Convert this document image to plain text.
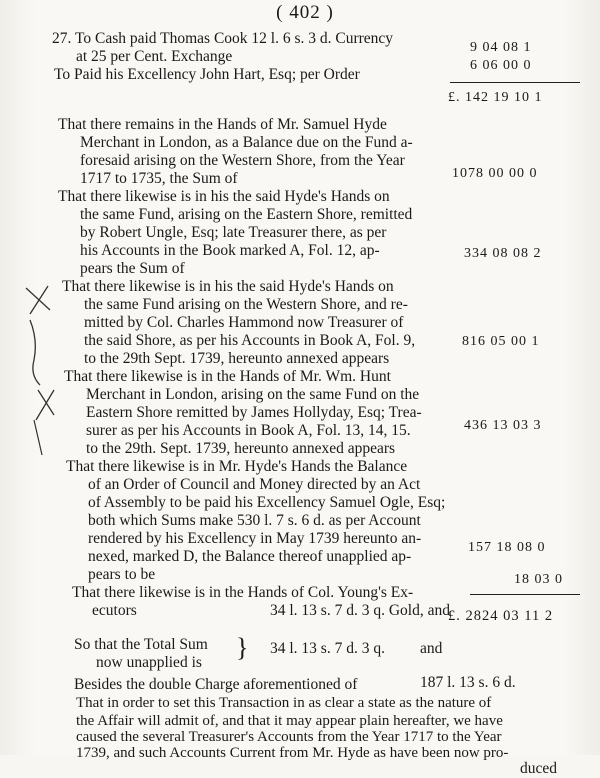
( 402 )
27. To Cash paid Thomas Cook 12 l. 6 s. 3 d. Currency
at 25 per Cent. Exchange
To Paid his Excellency John Hart, Esq; per Order
That there remains in the Hands of Mr. Samuel Hyde
Merchant in London, as a Balance due on the Fund a-
foresaid arising on the Western Shore, from the Year
1717 to 1735, the Sum of
That there likewise is in his the said Hyde's Hands on
the same Fund, arising on the Eastern Shore, remitted
by Robert Ungle, Esq; late Treasurer there, as per
his Accounts in the Book marked A, Fol. 12, ap-
pears the Sum of
That there likewise is in his the said Hyde's Hands on
the same Fund arising on the Western Shore, and re-
mitted by Col. Charles Hammond now Treasurer of
the said Shore, as per his Accounts in Book A, Fol. 9,
to the 29th Sept. 1739, hereunto annexed appears
That there likewise is in the Hands of Mr. Wm. Hunt
Merchant in London, arising on the same Fund on the
Eastern Shore remitted by James Hollyday, Esq; Trea-
surer as per his Accounts in Book A, Fol. 13, 14, 15.
to the 29th. Sept. 1739, hereunto annexed appears
That there likewise is in Mr. Hyde's Hands the Balance
of an Order of Council and Money directed by an Act
of Assembly to be paid his Excellency Samuel Ogle, Esq;
both which Sums make 530 l. 7 s. 6 d. as per Account
rendered by his Excellency in May 1739 hereunto an-
nexed, marked D, the Balance thereof unapplied ap-
pears to be
That there likewise is in the Hands of Col. Young's Ex-
ecutors	34 l. 13 s. 7 d. 3 q. Gold, and
So that the Total Sum
now unapplied is
} 34 l. 13 s. 7 d. 3 q. and
Besides the double Charge aforementioned of	187 l. 13 s. 6 d.
That in order to set this Transaction in as clear a state as the nature of
the Affair will admit of, and that it may appear plain hereafter, we have
caused the several Treasurer's Accounts from the Year 1717 to the Year
1739, and such Accounts Current from Mr. Hyde as have been now pro-
duced
9 04 08 1
6 06 00 0
£. 142 19 10 1
1078 00 00 0
334 08 08 2
816 05 00 1
436 13 03 3
157 18 08 0
18 03 0
£. 2824 03 11 2
